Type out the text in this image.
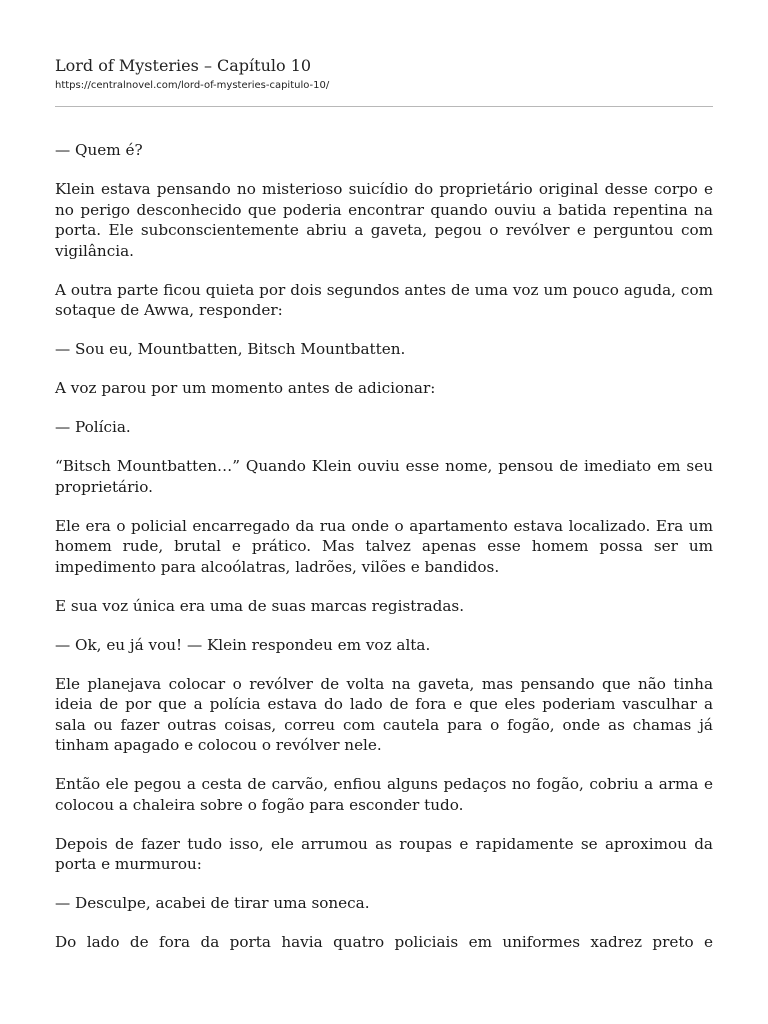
Lord of Mysteries – Capítulo 10
https://centralnovel.com/lord-of-mysteries-capitulo-10/

— Quem é?

Klein estava pensando no misterioso suicídio do proprietário original desse corpo e no perigo desconhecido que poderia encontrar quando ouviu a batida repentina na porta. Ele subconscientemente abriu a gaveta, pegou o revólver e perguntou com vigilância.

A outra parte ficou quieta por dois segundos antes de uma voz um pouco aguda, com sotaque de Awwa, responder:

— Sou eu, Mountbatten, Bitsch Mountbatten.

A voz parou por um momento antes de adicionar:

— Polícia.

“Bitsch Mountbatten…” Quando Klein ouviu esse nome, pensou de imediato em seu proprietário.

Ele era o policial encarregado da rua onde o apartamento estava localizado. Era um homem rude, brutal e prático. Mas talvez apenas esse homem possa ser um impedimento para alcoólatras, ladrões, vilões e bandidos.

E sua voz única era uma de suas marcas registradas.

— Ok, eu já vou! — Klein respondeu em voz alta.

Ele planejava colocar o revólver de volta na gaveta, mas pensando que não tinha ideia de por que a polícia estava do lado de fora e que eles poderiam vasculhar a sala ou fazer outras coisas, correu com cautela para o fogão, onde as chamas já tinham apagado e colocou o revólver nele.

Então ele pegou a cesta de carvão, enfiou alguns pedaços no fogão, cobriu a arma e colocou a chaleira sobre o fogão para esconder tudo.

Depois de fazer tudo isso, ele arrumou as roupas e rapidamente se aproximou da porta e murmurou:

— Desculpe, acabei de tirar uma soneca.

Do lado de fora da porta havia quatro policiais em uniformes xadrez preto e
